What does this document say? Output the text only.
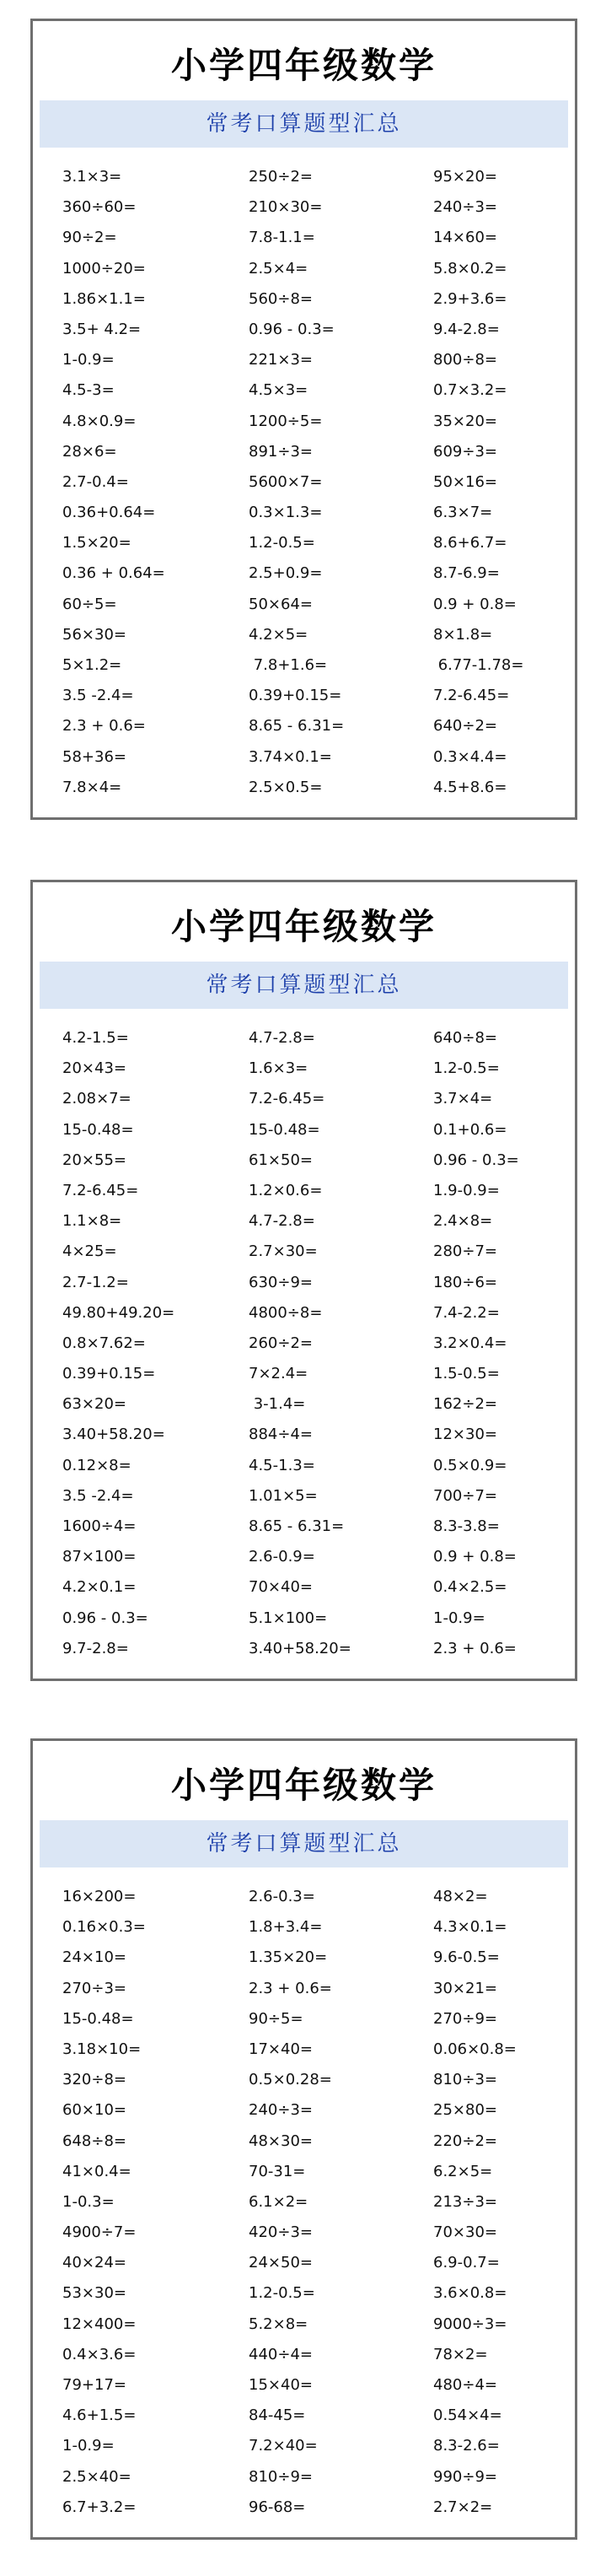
小学四年级数学
常考口算题型汇总
3.1×3=	250÷2=	95×20=
360÷60=	210×30=	240÷3=
90÷2=	7.8-1.1=	14×60=
1000÷20=	2.5×4=	5.8×0.2=
1.86×1.1=	560÷8=	2.9+3.6=
3.5+ 4.2=	0.96 - 0.3=	9.4-2.8=
1-0.9=	221×3=	800÷8=
4.5-3=	4.5×3=	0.7×3.2=
4.8×0.9=	1200÷5=	35×20=
28×6=	891÷3=	609÷3=
2.7-0.4=	5600×7=	50×16=
0.36+0.64=	0.3×1.3=	6.3×7=
1.5×20=	1.2-0.5=	8.6+6.7=
0.36 + 0.64=	2.5+0.9=	8.7-6.9=
60÷5=	50×64=	0.9 + 0.8=
56×30=	4.2×5=	8×1.8=
5×1.2=	7.8+1.6=	6.77-1.78=
3.5 -2.4=	0.39+0.15=	7.2-6.45=
2.3 + 0.6=	8.65 - 6.31=	640÷2=
58+36=	3.74×0.1=	0.3×4.4=
7.8×4=	2.5×0.5=	4.5+8.6=
小学四年级数学
常考口算题型汇总
4.2-1.5=	4.7-2.8=	640÷8=
20×43=	1.6×3=	1.2-0.5=
2.08×7=	7.2-6.45=	3.7×4=
15-0.48=	15-0.48=	0.1+0.6=
20×55=	61×50=	0.96 - 0.3=
7.2-6.45=	1.2×0.6=	1.9-0.9=
1.1×8=	4.7-2.8=	2.4×8=
4×25=	2.7×30=	280÷7=
2.7-1.2=	630÷9=	180÷6=
49.80+49.20=	4800÷8=	7.4-2.2=
0.8×7.62=	260÷2=	3.2×0.4=
0.39+0.15=	7×2.4=	1.5-0.5=
63×20=	3-1.4=	162÷2=
3.40+58.20=	884÷4=	12×30=
0.12×8=	4.5-1.3=	0.5×0.9=
3.5 -2.4=	1.01×5=	700÷7=
1600÷4=	8.65 - 6.31=	8.3-3.8=
87×100=	2.6-0.9=	0.9 + 0.8=
4.2×0.1=	70×40=	0.4×2.5=
0.96 - 0.3=	5.1×100=	1-0.9=
9.7-2.8=	3.40+58.20=	2.3 + 0.6=
小学四年级数学
常考口算题型汇总
16×200=	2.6-0.3=	48×2=
0.16×0.3=	1.8+3.4=	4.3×0.1=
24×10=	1.35×20=	9.6-0.5=
270÷3=	2.3 + 0.6=	30×21=
15-0.48=	90÷5=	270÷9=
3.18×10=	17×40=	0.06×0.8=
320÷8=	0.5×0.28=	810÷3=
60×10=	240÷3=	25×80=
648÷8=	48×30=	220÷2=
41×0.4=	70-31=	6.2×5=
1-0.3=	6.1×2=	213÷3=
4900÷7=	420÷3=	70×30=
40×24=	24×50=	6.9-0.7=
53×30=	1.2-0.5=	3.6×0.8=
12×400=	5.2×8=	9000÷3=
0.4×3.6=	440÷4=	78×2=
79+17=	15×40=	480÷4=
4.6+1.5=	84-45=	0.54×4=
1-0.9=	7.2×40=	8.3-2.6=
2.5×40=	810÷9=	990÷9=
6.7+3.2=	96-68=	2.7×2=
